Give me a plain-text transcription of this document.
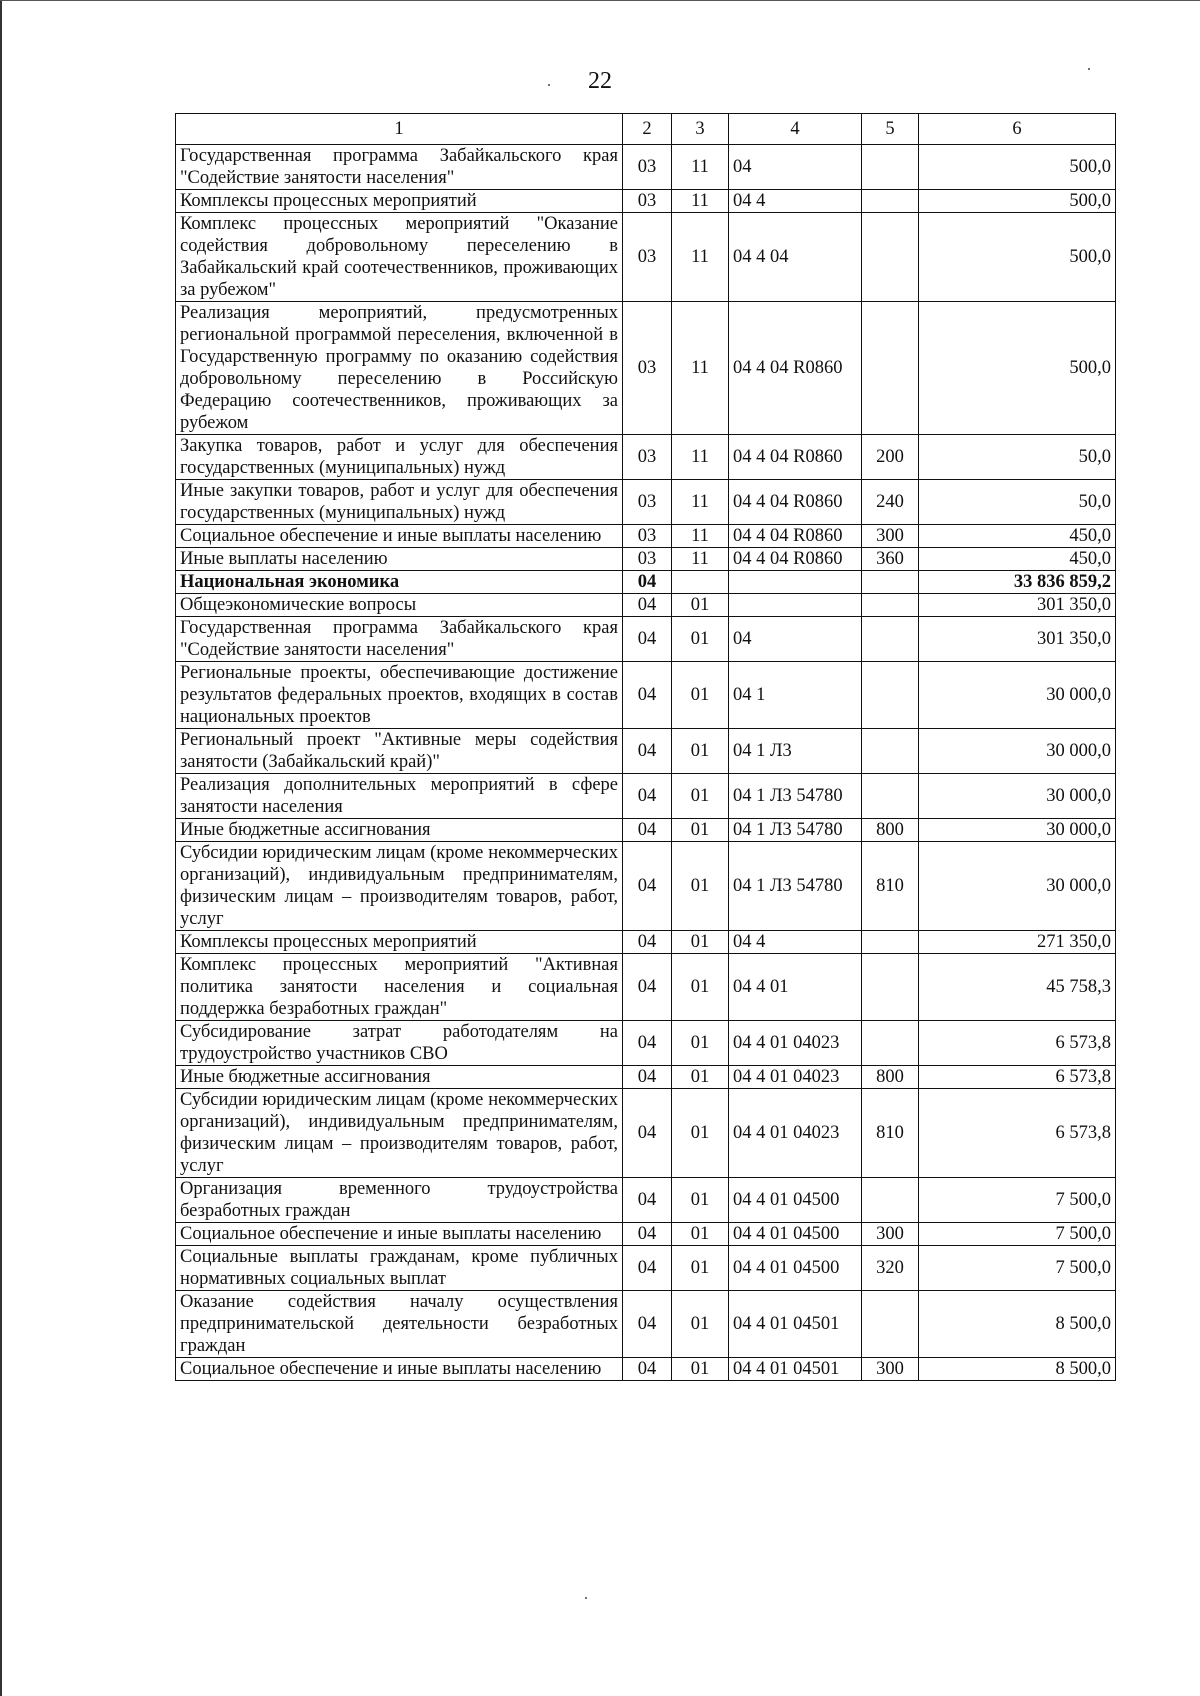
22
1	2	3	4	5	6
Государственная программа Забайкальского края "Содействие занятости населения"	03	11	04		500,0
Комплексы процессных мероприятий	03	11	04 4		500,0
Комплекс процессных мероприятий "Оказание содействия добровольному переселению в Забайкальский край соотечественников, проживающих за рубежом"	03	11	04 4 04		500,0
Реализация мероприятий, предусмотренных региональной программой переселения, включенной в Государственную программу по оказанию содействия добровольному переселению в Российскую Федерацию соотечественников, проживающих за рубежом	03	11	04 4 04 R0860		500,0
Закупка товаров, работ и услуг для обеспечения государственных (муниципальных) нужд	03	11	04 4 04 R0860	200	50,0
Иные закупки товаров, работ и услуг для обеспечения государственных (муниципальных) нужд	03	11	04 4 04 R0860	240	50,0
Социальное обеспечение и иные выплаты населению	03	11	04 4 04 R0860	300	450,0
Иные выплаты населению	03	11	04 4 04 R0860	360	450,0
Национальная экономика	04				33 836 859,2
Общеэкономические вопросы	04	01			301 350,0
Государственная программа Забайкальского края "Содействие занятости населения"	04	01	04		301 350,0
Региональные проекты, обеспечивающие достижение результатов федеральных проектов, входящих в состав национальных проектов	04	01	04 1		30 000,0
Региональный проект "Активные меры содействия занятости (Забайкальский край)"	04	01	04 1 Л3		30 000,0
Реализация дополнительных мероприятий в сфере занятости населения	04	01	04 1 Л3 54780		30 000,0
Иные бюджетные ассигнования	04	01	04 1 Л3 54780	800	30 000,0
Субсидии юридическим лицам (кроме некоммерческих организаций), индивидуальным предпринимателям, физическим лицам – производителям товаров, работ, услуг	04	01	04 1 Л3 54780	810	30 000,0
Комплексы процессных мероприятий	04	01	04 4		271 350,0
Комплекс процессных мероприятий "Активная политика занятости населения и социальная поддержка безработных граждан"	04	01	04 4 01		45 758,3
Субсидирование затрат работодателям на трудоустройство участников СВО	04	01	04 4 01 04023		6 573,8
Иные бюджетные ассигнования	04	01	04 4 01 04023	800	6 573,8
Субсидии юридическим лицам (кроме некоммерческих организаций), индивидуальным предпринимателям, физическим лицам – производителям товаров, работ, услуг	04	01	04 4 01 04023	810	6 573,8
Организация временного трудоустройства безработных граждан	04	01	04 4 01 04500		7 500,0
Социальное обеспечение и иные выплаты населению	04	01	04 4 01 04500	300	7 500,0
Социальные выплаты гражданам, кроме публичных нормативных социальных выплат	04	01	04 4 01 04500	320	7 500,0
Оказание содействия началу осуществления предпринимательской деятельности безработных граждан	04	01	04 4 01 04501		8 500,0
Социальное обеспечение и иные выплаты населению	04	01	04 4 01 04501	300	8 500,0
